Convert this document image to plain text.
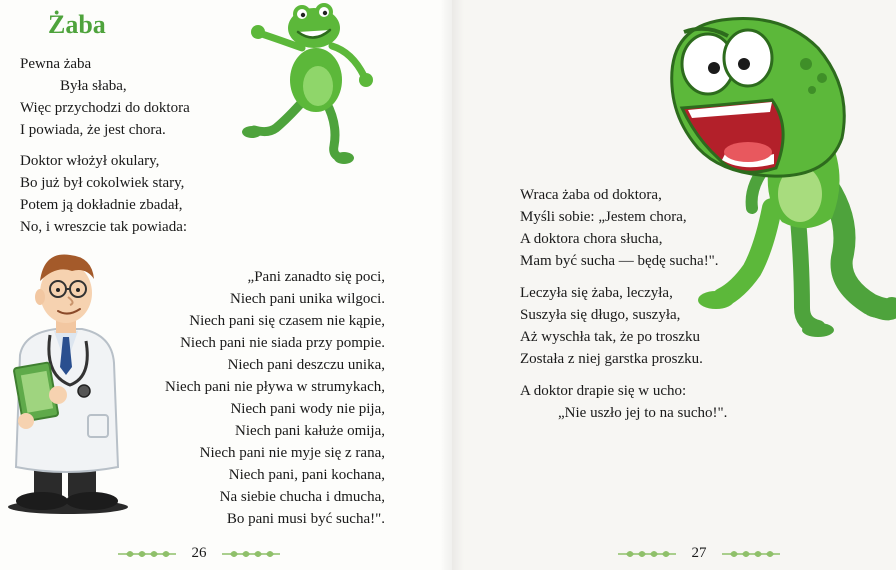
Żaba
Pewna żaba
Była słaba,
Więc przychodzi do doktora
I powiada, że jest chora.
Doktor włożył okulary,
Bo już był cokolwiek stary,
Potem ją dokładnie zbadał,
No, i wreszcie tak powiada:
„Pani zanadto się poci,
Niech pani unika wilgoci.
Niech pani się czasem nie kąpie,
Niech pani nie siada przy pompie.
Niech pani deszczu unika,
Niech pani nie pływa w strumykach,
Niech pani wody nie pija,
Niech pani kałuże omija,
Niech pani nie myje się z rana,
Niech pani, pani kochana,
Na siebie chucha i dmucha,
Bo pani musi być sucha!".
26
Wraca żaba od doktora,
Myśli sobie: „Jestem chora,
A doktora chora słucha,
Mam być sucha — będę sucha!".
Leczyła się żaba, leczyła,
Suszyła się długo, suszyła,
Aż wyschła tak, że po troszku
Została z niej garstka proszku.
A doktor drapie się w ucho:
„Nie uszło jej to na sucho!".
27
